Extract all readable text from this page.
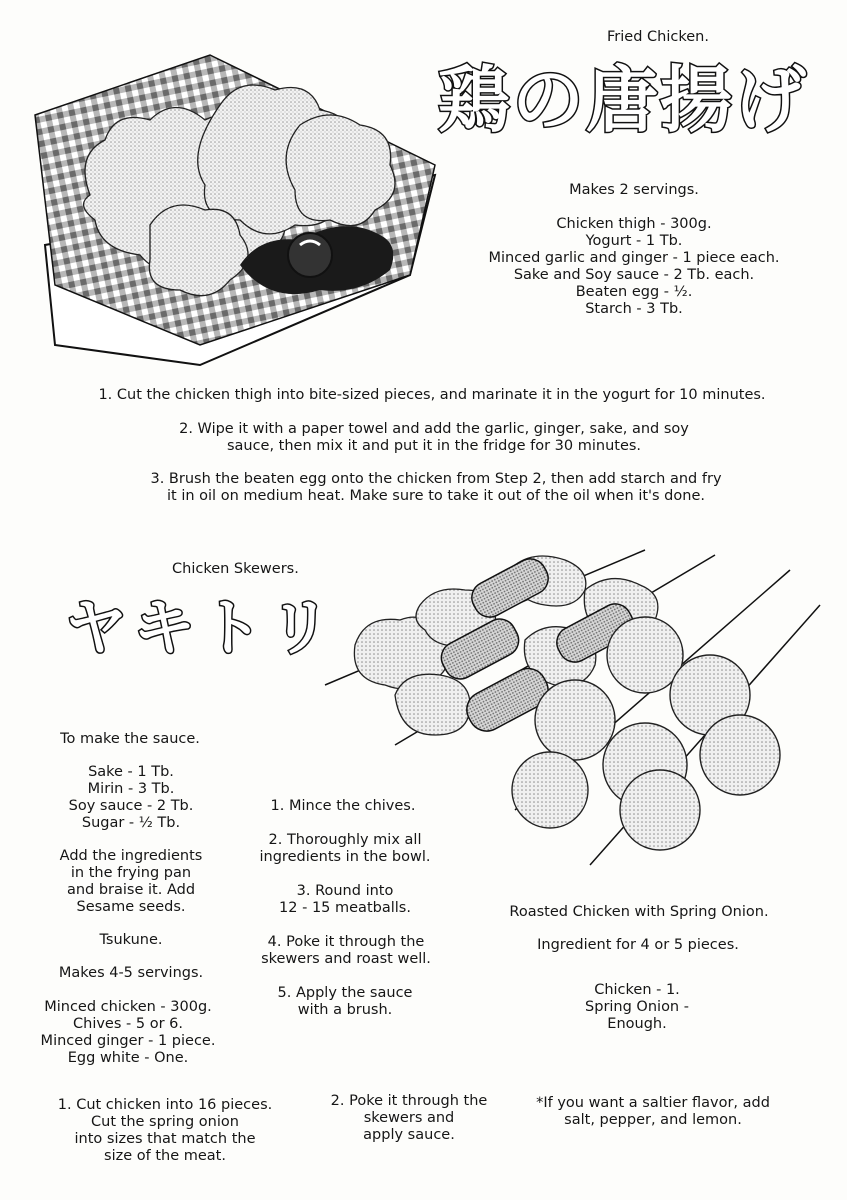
Fried Chicken.
鶏の唐揚げ
Makes 2 servings.
Chicken thigh - 300g.
Yogurt - 1 Tb.
Minced garlic and ginger - 1 piece each.
Sake and Soy sauce - 2 Tb. each.
Beaten egg - ½.
Starch - 3 Tb.
1. Cut the chicken thigh into bite-sized pieces, and marinate it in the yogurt for 10 minutes.
2. Wipe it with a paper towel and add the garlic, ginger, sake, and soy
sauce, then mix it and put it in the fridge for 30 minutes.
3. Brush the beaten egg onto the chicken from Step 2, then add starch and fry
it in oil on medium heat. Make sure to take it out of the oil when it's done.
Chicken Skewers.
ヤキトリ
To make the sauce.
Sake - 1 Tb.
Mirin - 3 Tb.
Soy sauce - 2 Tb.
Sugar - ½ Tb.
Add the ingredients
in the frying pan
and braise it. Add
Sesame seeds.
Tsukune.
Makes 4-5 servings.
Minced chicken - 300g.
Chives - 5 or 6.
Minced ginger - 1 piece.
Egg white - One.
1. Mince the chives.
2. Thoroughly mix all
ingredients in the bowl.
3. Round into
12 - 15 meatballs.
4. Poke it through the
skewers and roast well.
5. Apply the sauce
with a brush.
Roasted Chicken with Spring Onion.
Ingredient for 4 or 5 pieces.
Chicken - 1.
Spring Onion -
Enough.
1. Cut chicken into 16 pieces.
Cut the spring onion
into sizes that match the
size of the meat.
2. Poke it through the
skewers and
apply sauce.
*If you want a saltier flavor, add
salt, pepper, and lemon.
